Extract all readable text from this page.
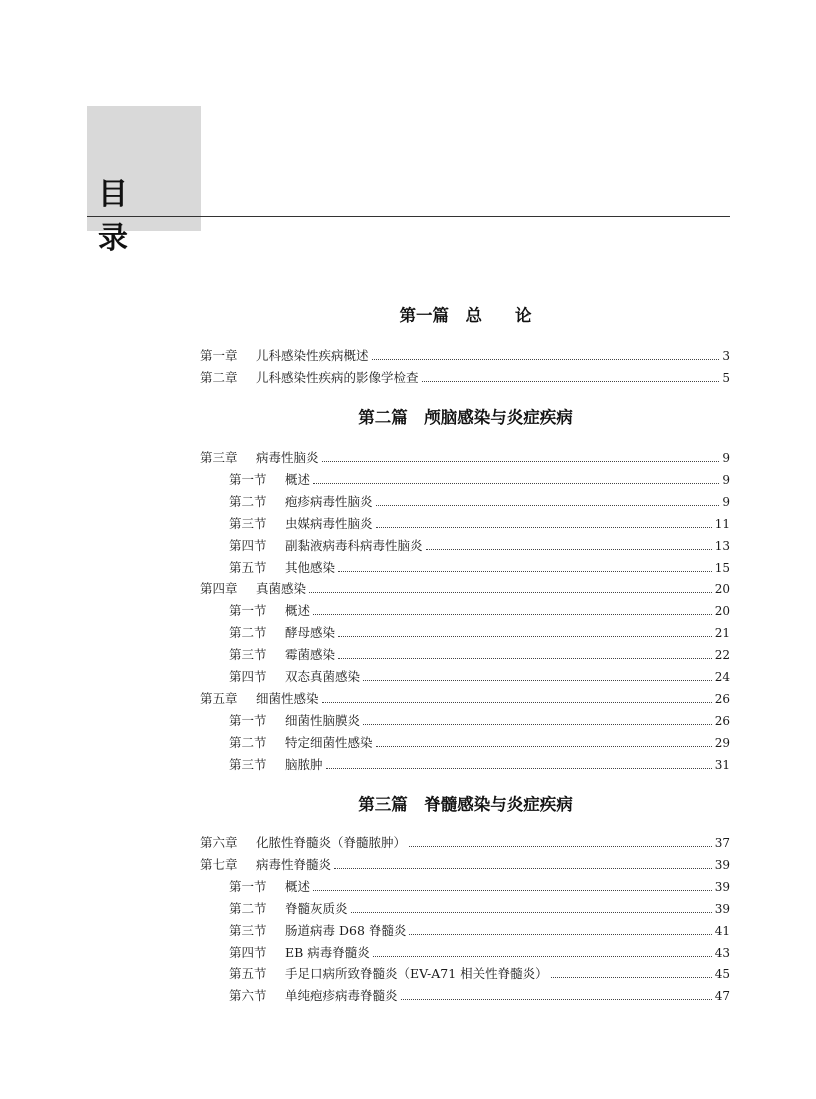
目 录
第一篇　总　　论
第一章	儿科感染性疾病概述	3
第二章	儿科感染性疾病的影像学检查	5
第二篇　颅脑感染与炎症疾病
第三章	病毒性脑炎	9
第一节	概述	9
第二节	疱疹病毒性脑炎	9
第三节	虫媒病毒性脑炎	11
第四节	副黏液病毒科病毒性脑炎	13
第五节	其他感染	15
第四章	真菌感染	20
第一节	概述	20
第二节	酵母感染	21
第三节	霉菌感染	22
第四节	双态真菌感染	24
第五章	细菌性感染	26
第一节	细菌性脑膜炎	26
第二节	特定细菌性感染	29
第三节	脑脓肿	31
第三篇　脊髓感染与炎症疾病
第六章	化脓性脊髓炎（脊髓脓肿）	37
第七章	病毒性脊髓炎	39
第一节	概述	39
第二节	脊髓灰质炎	39
第三节	肠道病毒 D68 脊髓炎	41
第四节	EB 病毒脊髓炎	43
第五节	手足口病所致脊髓炎（EV-A71 相关性脊髓炎）	45
第六节	单纯疱疹病毒脊髓炎	47
